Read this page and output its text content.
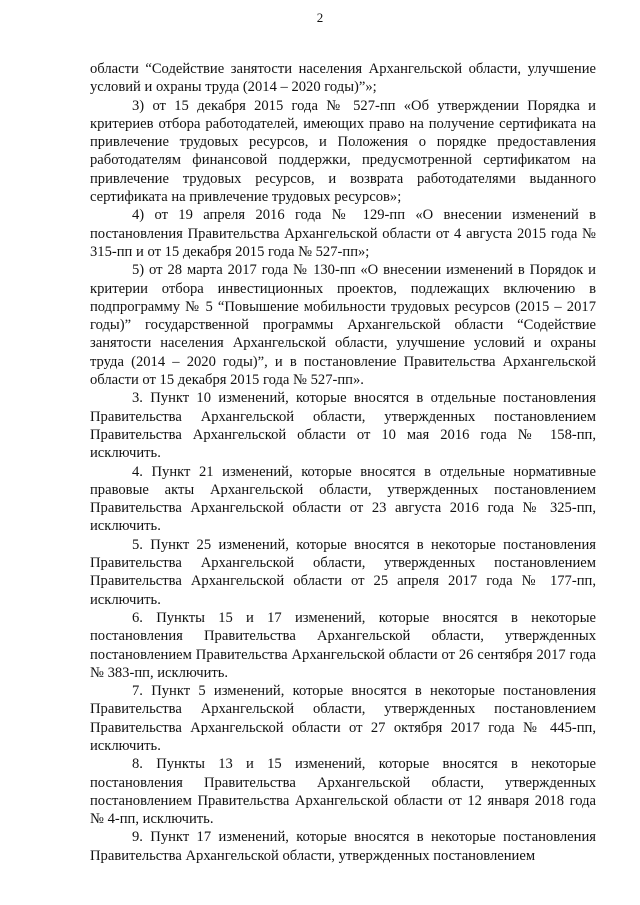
2

области “Содействие занятости населения Архангельской области, улучшение условий и охраны труда (2014 – 2020 годы)”»;

3) от 15 декабря 2015 года № 527-пп «Об утверждении Порядка и критериев отбора работодателей, имеющих право на получение сертификата на привлечение трудовых ресурсов, и Положения о порядке предоставления работодателям финансовой поддержки, предусмотренной сертификатом на привлечение трудовых ресурсов, и возврата работодателями выданного сертификата на привлечение трудовых ресурсов»;

4) от 19 апреля 2016 года № 129-пп «О внесении изменений в постановления Правительства Архангельской области от 4 августа 2015 года № 315-пп и от 15 декабря 2015 года № 527-пп»;

5) от 28 марта 2017 года № 130-пп «О внесении изменений в Порядок и критерии отбора инвестиционных проектов, подлежащих включению в подпрограмму № 5 “Повышение мобильности трудовых ресурсов (2015 – 2017 годы)” государственной программы Архангельской области “Содействие занятости населения Архангельской области, улучшение условий и охраны труда (2014 – 2020 годы)”, и в постановление Правительства Архангельской области от 15 декабря 2015 года № 527-пп».

3. Пункт 10 изменений, которые вносятся в отдельные постановления Правительства Архангельской области, утвержденных постановлением Правительства Архангельской области от 10 мая 2016 года № 158-пп, исключить.

4. Пункт 21 изменений, которые вносятся в отдельные нормативные правовые акты Архангельской области, утвержденных постановлением Правительства Архангельской области от 23 августа 2016 года № 325-пп, исключить.

5. Пункт 25 изменений, которые вносятся в некоторые постановления Правительства Архангельской области, утвержденных постановлением Правительства Архангельской области от 25 апреля 2017 года № 177-пп, исключить.

6. Пункты 15 и 17 изменений, которые вносятся в некоторые постановления Правительства Архангельской области, утвержденных постановлением Правительства Архангельской области от 26 сентября 2017 года № 383-пп, исключить.

7. Пункт 5 изменений, которые вносятся в некоторые постановления Правительства Архангельской области, утвержденных постановлением Правительства Архангельской области от 27 октября 2017 года № 445-пп, исключить.

8. Пункты 13 и 15 изменений, которые вносятся в некоторые постановления Правительства Архангельской области, утвержденных постановлением Правительства Архангельской области от 12 января 2018 года № 4-пп, исключить.

9. Пункт 17 изменений, которые вносятся в некоторые постановления Правительства Архангельской области, утвержденных постановлением
